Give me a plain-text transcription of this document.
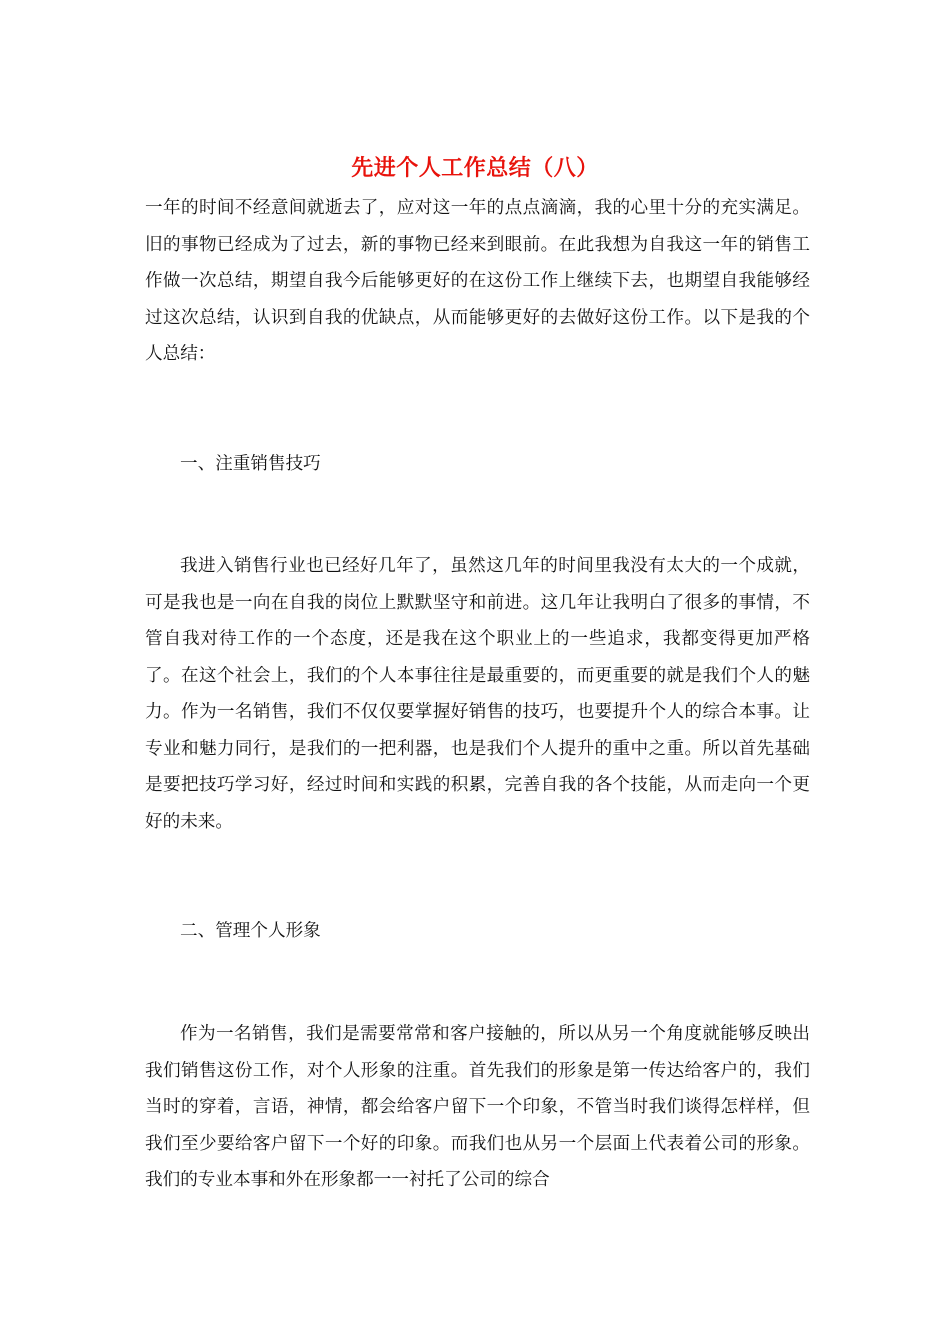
先进个人工作总结（八）
一年的时间不经意间就逝去了，应对这一年的点点滴滴，我的心里十分的充实满足。旧的事物已经成为了过去，新的事物已经来到眼前。在此我想为自我这一年的销售工作做一次总结，期望自我今后能够更好的在这份工作上继续下去，也期望自我能够经过这次总结，认识到自我的优缺点，从而能够更好的去做好这份工作。以下是我的个人总结：
一、注重销售技巧
我进入销售行业也已经好几年了，虽然这几年的时间里我没有太大的一个成就，可是我也是一向在自我的岗位上默默坚守和前进。这几年让我明白了很多的事情，不管自我对待工作的一个态度，还是我在这个职业上的一些追求，我都变得更加严格了。在这个社会上，我们的个人本事往往是最重要的，而更重要的就是我们个人的魅力。作为一名销售，我们不仅仅要掌握好销售的技巧，也要提升个人的综合本事。让专业和魅力同行，是我们的一把利器，也是我们个人提升的重中之重。所以首先基础是要把技巧学习好，经过时间和实践的积累，完善自我的各个技能，从而走向一个更好的未来。
二、管理个人形象
作为一名销售，我们是需要常常和客户接触的，所以从另一个角度就能够反映出我们销售这份工作，对个人形象的注重。首先我们的形象是第一传达给客户的，我们当时的穿着，言语，神情，都会给客户留下一个印象，不管当时我们谈得怎样样，但我们至少要给客户留下一个好的印象。而我们也从另一个层面上代表着公司的形象。我们的专业本事和外在形象都一一衬托了公司的综合
